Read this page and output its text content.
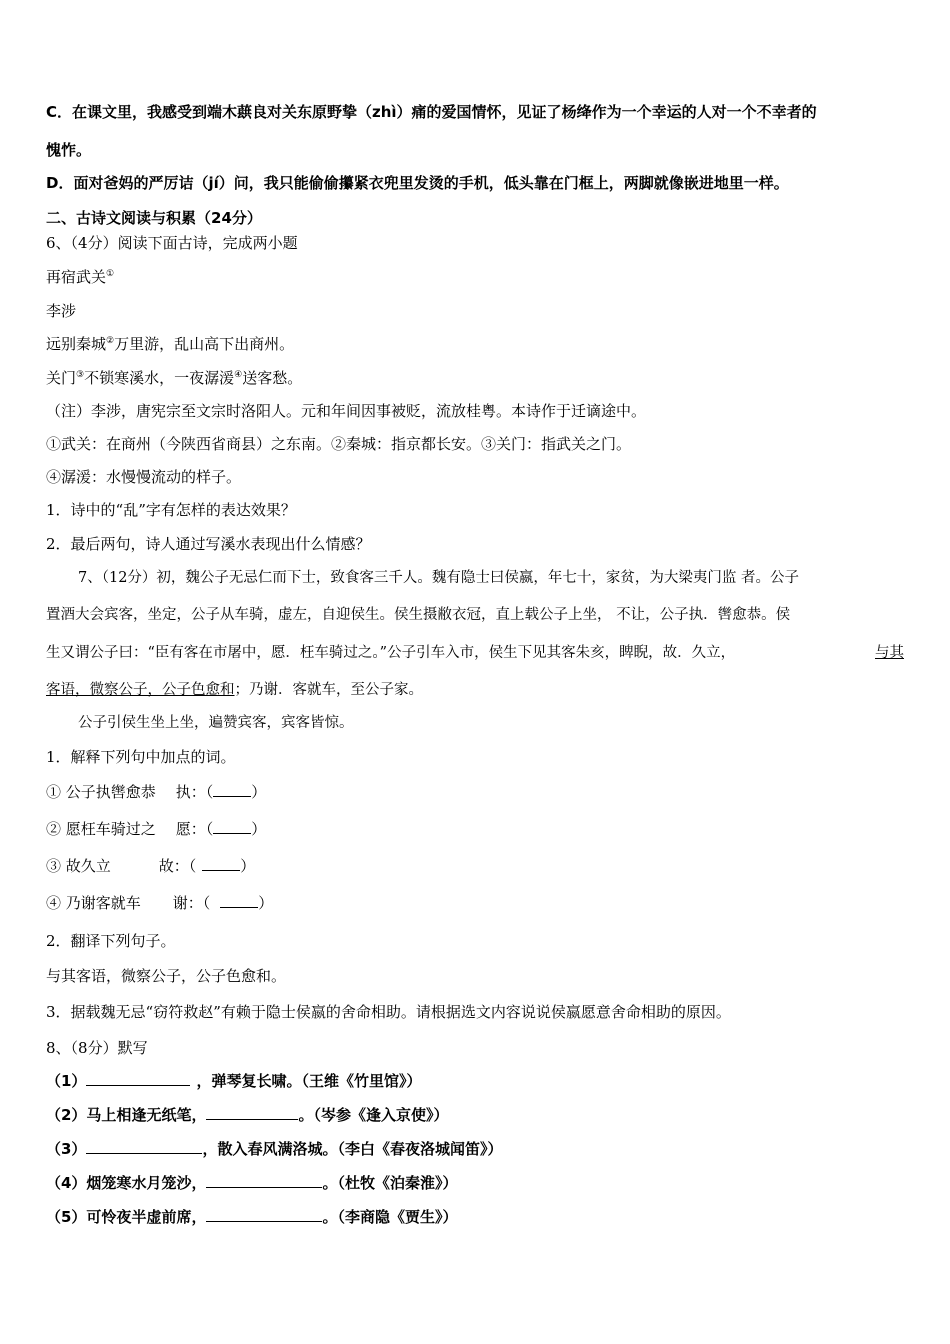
C．在课文里，我感受到端木蕻良对关东原野挚（zhì）痛的爱国情怀，见证了杨绛作为一个幸运的人对一个不幸者的
愧怍。
D．面对爸妈的严厉诘（jí）问，我只能偷偷攥紧衣兜里发烫的手机，低头靠在门框上，两脚就像嵌进地里一样。
二、古诗文阅读与积累（24分）
6、（4分）阅读下面古诗，完成两小题
再宿武关①
李涉
远别秦城②万里游，乱山高下出商州。
关门③不锁寒溪水，一夜潺湲④送客愁。
（注）李涉，唐宪宗至文宗时洛阳人。元和年间因事被贬，流放桂粤。本诗作于迁谪途中。
①武关：在商州（今陕西省商县）之东南。②秦城：指京都长安。③关门：指武关之门。
④潺湲：水慢慢流动的样子。
1．诗中的“乱”字有怎样的表达效果？
2．最后两句，诗人通过写溪水表现出什么情感？
7、（12分）初，魏公子无忌仁而下士，致食客三千人。魏有隐士曰侯嬴，年七十，家贫，为大梁夷门监 者。公子
置酒大会宾客，坐定，公子从车骑，虚左，自迎侯生。侯生摄敝衣冠，直上载公子上坐， 不让，公子执．辔愈恭。侯
生又谓公子曰：“臣有客在市屠中，愿．枉车骑过之。”公子引车入市，侯生下见其客朱亥，睥睨，故．久立，	与其
客语，微察公子，公子色愈和；乃谢．客就车，至公子家。
公子引侯生坐上坐，遍赞宾客，宾客皆惊。
1．解释下列句中加点的词。
① 公子执辔愈恭 执：（	）
② 愿枉车骑过之 愿：（	）
③ 故久立	故：（	）
④ 乃谢客就车 谢：（	）
2．翻译下列句子。
与其客语，微察公子，公子色愈和。
3．据载魏无忌“窃符救赵”有赖于隐士侯嬴的舍命相助。请根据选文内容说说侯嬴愿意舍命相助的原因。
8、（8分）默写
（1）	，弹琴复长啸。（王维《竹里馆》）
（2）马上相逢无纸笔，	。（岑参《逢入京使》）
（3）	，散入春风满洛城。（李白《春夜洛城闻笛》）
（4）烟笼寒水月笼沙，	。（杜牧《泊秦淮》）
（5）可怜夜半虚前席，	。（李商隐《贾生》）
